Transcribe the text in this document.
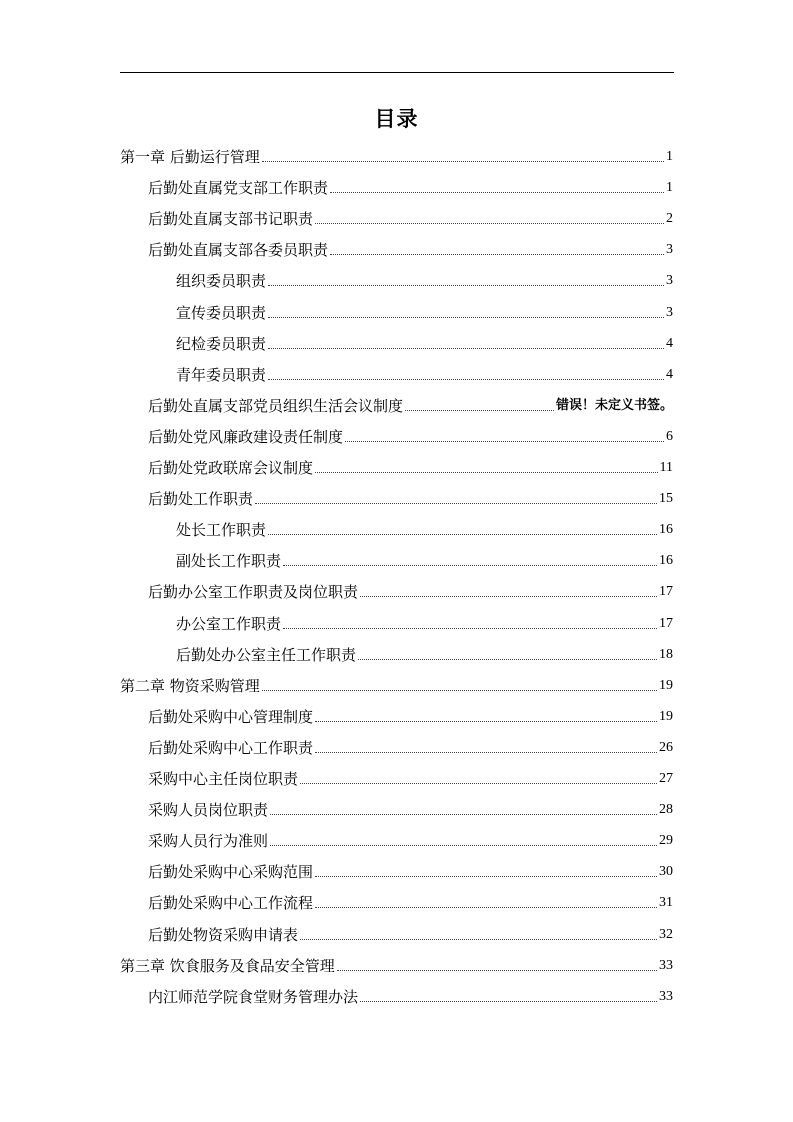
目录
第一章 后勤运行管理	1
后勤处直属党支部工作职责	1
后勤处直属支部书记职责	2
后勤处直属支部各委员职责	3
组织委员职责	3
宣传委员职责	3
纪检委员职责	4
青年委员职责	4
后勤处直属支部党员组织生活会议制度	错误！未定义书签。
后勤处党风廉政建设责任制度	6
后勤处党政联席会议制度	11
后勤处工作职责	15
处长工作职责	16
副处长工作职责	16
后勤办公室工作职责及岗位职责	17
办公室工作职责	17
后勤处办公室主任工作职责	18
第二章 物资采购管理	19
后勤处采购中心管理制度	19
后勤处采购中心工作职责	26
采购中心主任岗位职责	27
采购人员岗位职责	28
采购人员行为准则	29
后勤处采购中心采购范围	30
后勤处采购中心工作流程	31
后勤处物资采购申请表	32
第三章 饮食服务及食品安全管理	33
内江师范学院食堂财务管理办法	33
